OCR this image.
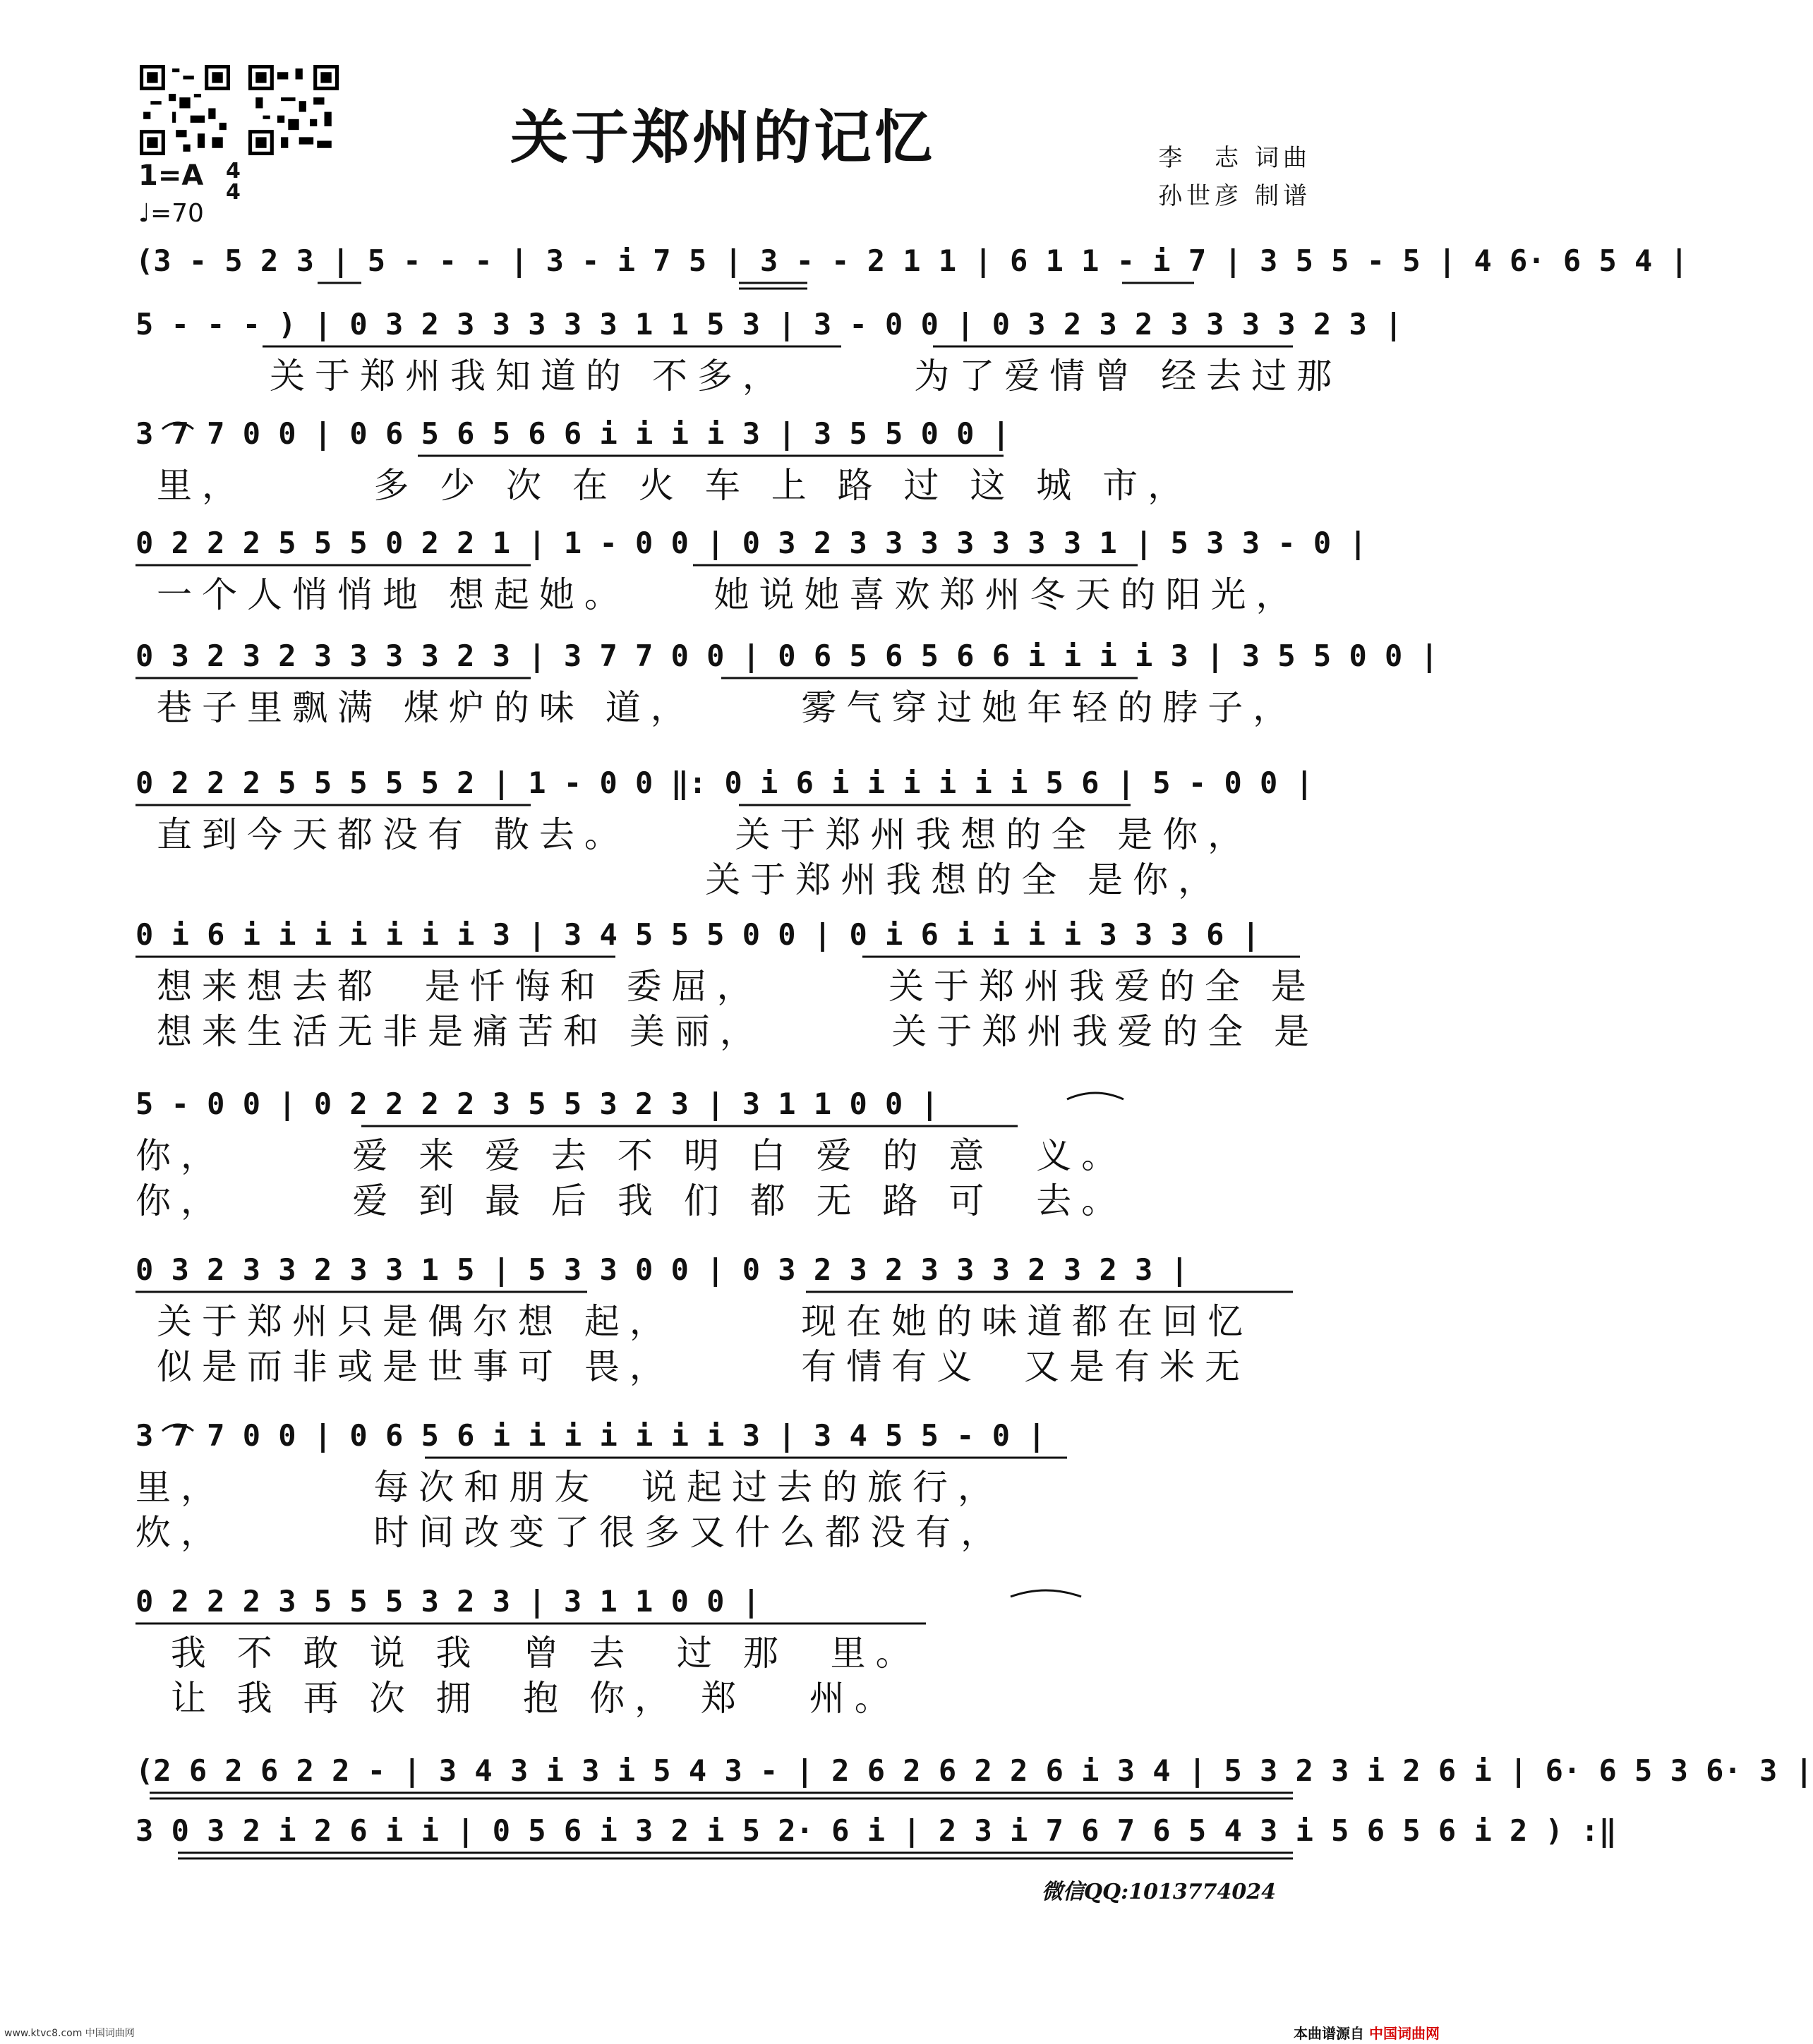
关于郑州的记忆	李　志 词曲
孙世彦 制谱
1=A 4
4
♩=70
(3 - 5 2 3 | 5 - - - | 3 - i 7 5 | 3 - - 2 1 1 | 6 1 1 - i 7 | 3 5 5 - 5 | 4 6· 6 5 4 |
5 - - - ) | 0 3 2 3 3 3 3 3 1 1 5 3 | 3 - 0 0 | 0 3 2 3 2 3 3 3 3 2 3 |
关于郑州我知道的 不多，      为了爱情曾 经去过那
3 7 7 0 0 | 0 6 5 6 5 6 6 i i i i 3 | 3 5 5 0 0 |
里，      多 少 次 在 火 车 上 路 过 这 城 市，
0 2 2 2 5 5 5 0 2 2 1 | 1 - 0 0 | 0 3 2 3 3 3 3 3 3 3 1 | 5 3 3 - 0 |
一个人悄悄地 想起她。    她说她喜欢郑州冬天的阳光，
0 3 2 3 2 3 3 3 3 2 3 | 3 7 7 0 0 | 0 6 5 6 5 6 6 i i i i 3 | 3 5 5 0 0 |
巷子里飘满 煤炉的味 道，     雾气穿过她年轻的脖子，
0 2 2 2 5 5 5 5 5 2 | 1 - 0 0 ‖: 0 i 6 i i i i i i 5 6 | 5 - 0 0 |
直到今天都没有 散去。     关于郑州我想的全 是你，
关于郑州我想的全 是你，
0 i 6 i i i i i i i 3 | 3 4 5 5 5 0 0 | 0 i 6 i i i i 3 3 3 6 |
想来想去都  是忏悔和 委屈，      关于郑州我爱的全 是
想来生活无非是痛苦和 美丽，      关于郑州我爱的全 是
5 - 0 0 | 0 2 2 2 2 3 5 5 3 2 3 | 3 1 1 0 0 |
你，      爱 来 爱 去 不 明 白 爱 的 意  义。
你，      爱 到 最 后 我 们 都 无 路 可  去。
0 3 2 3 3 2 3 3 1 5 | 5 3 3 0 0 | 0 3 2 3 2 3 3 3 2 3 2 3 |
关于郑州只是偶尔想 起，      现在她的味道都在回忆
似是而非或是世事可 畏，      有情有义  又是有米无
3 7 7 0 0 | 0 6 5 6 i i i i i i i 3 | 3 4 5 5 - 0 |
里，       每次和朋友  说起过去的旅行，
炊，       时间改变了很多又什么都没有，
0 2 2 2 3 5 5 5 3 2 3 | 3 1 1 0 0 |
我 不 敢 说 我  曾 去  过 那  里。
让 我 再 次 拥  抱 你， 郑   州。
(2 6 2 6 2 2 - | 3 4 3 i 3 i 5 4 3 - | 2 6 2 6 2 2 6 i 3 4 | 5 3 2 3 i 2 6 i | 6· 6 5 3 6· 3 |
3 0 3 2 i 2 6 i i | 0 5 6 i 3 2 i 5 2· 6 i | 2 3 i 7 6 7 6 5 4 3 i 5 6 5 6 i 2 ) :‖
微信QQ:1013774024
www.ktvc8.com 中国词曲网	本曲谱源自 中国词曲网
